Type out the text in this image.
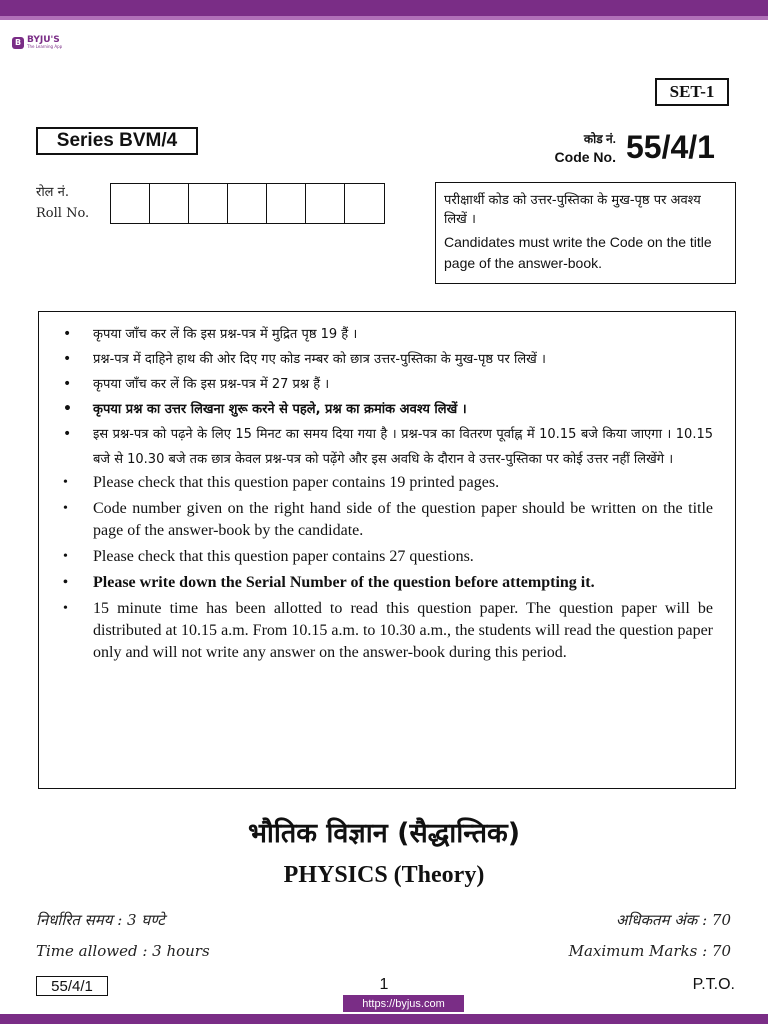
B BYJU'S
The Learning App
SET-1
Series BVM/4	कोड नं.
Code No. 55/4/1
रोल नं.
Roll No.

परीक्षार्थी कोड को उत्तर-पुस्तिका के मुख-पृष्ठ पर अवश्य लिखें ।

Candidates must write the Code on the title page of the answer-book.

• कृपया जाँच कर लें कि इस प्रश्न-पत्र में मुद्रित पृष्ठ 19 हैं ।
• प्रश्न-पत्र में दाहिने हाथ की ओर दिए गए कोड नम्बर को छात्र उत्तर-पुस्तिका के मुख-पृष्ठ पर लिखें ।
• कृपया जाँच कर लें कि इस प्रश्न-पत्र में 27 प्रश्न हैं ।
• कृपया प्रश्न का उत्तर लिखना शुरू करने से पहले, प्रश्न का क्रमांक अवश्य लिखें ।
• इस प्रश्न-पत्र को पढ़ने के लिए 15 मिनट का समय दिया गया है । प्रश्न-पत्र का वितरण पूर्वाह्न में 10.15 बजे किया जाएगा । 10.15 बजे से 10.30 बजे तक छात्र केवल प्रश्न-पत्र को पढ़ेंगे और इस अवधि के दौरान वे उत्तर-पुस्तिका पर कोई उत्तर नहीं लिखेंगे ।
• Please check that this question paper contains 19 printed pages.
• Code number given on the right hand side of the question paper should be written on the title page of the answer-book by the candidate.
• Please check that this question paper contains 27 questions.
• Please write down the Serial Number of the question before attempting it.
• 15 minute time has been allotted to read this question paper. The question paper will be distributed at 10.15 a.m. From 10.15 a.m. to 10.30 a.m., the students will read the question paper only and will not write any answer on the answer-book during this period.
भौतिक विज्ञान (सैद्धान्तिक)
PHYSICS (Theory)
निर्धारित समय : 3 घण्टे
Time allowed : 3 hours
अधिकतम अंक : 70
Maximum Marks : 70
55/4/1	1	P.T.O.
https://byjus.com
